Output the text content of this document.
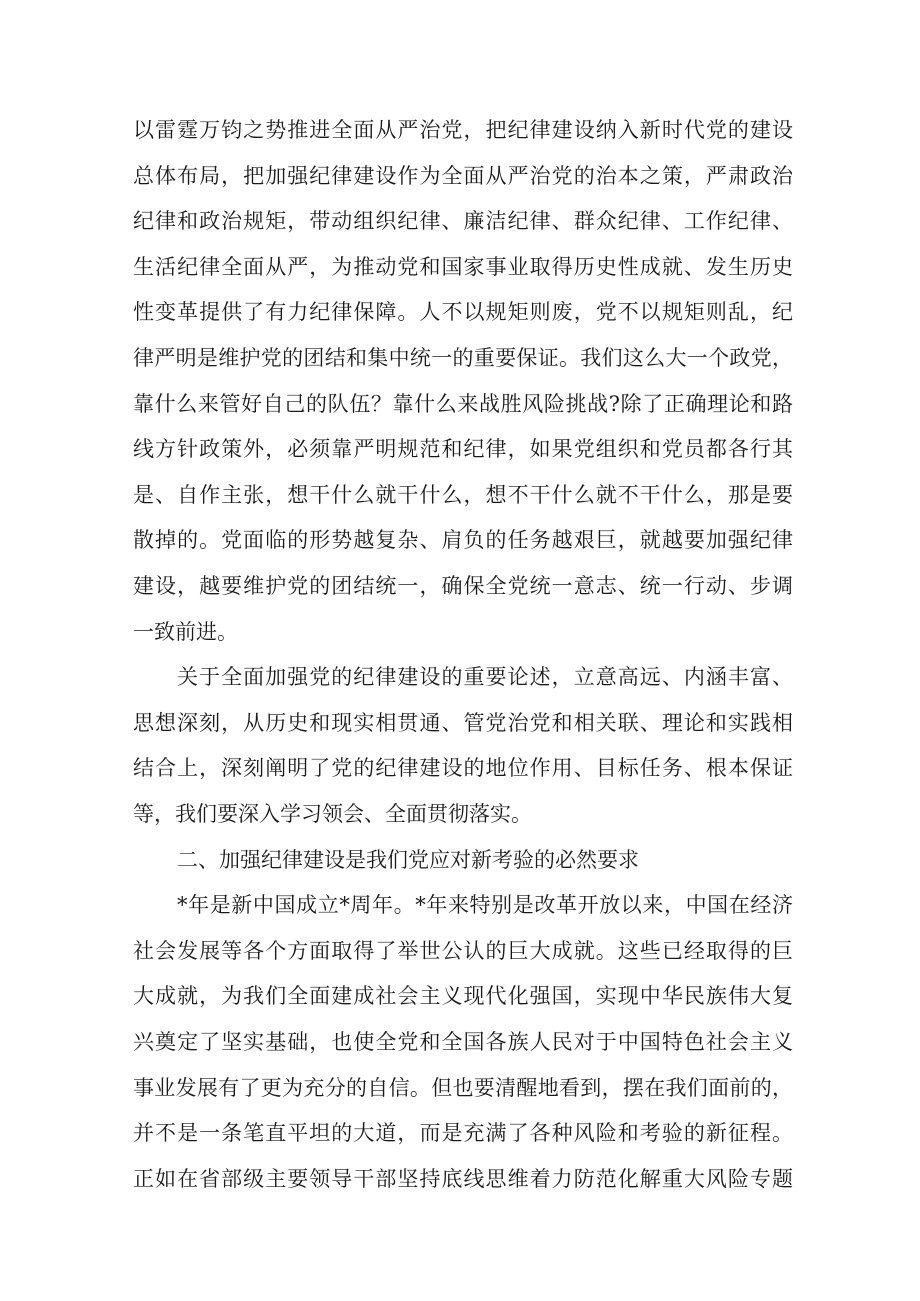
以雷霆万钧之势推进全面从严治党，把纪律建设纳入新时代党的建设
总体布局，把加强纪律建设作为全面从严治党的治本之策，严肃政治
纪律和政治规矩，带动组织纪律、廉洁纪律、群众纪律、工作纪律、
生活纪律全面从严，为推动党和国家事业取得历史性成就、发生历史
性变革提供了有力纪律保障。人不以规矩则废，党不以规矩则乱，纪
律严明是维护党的团结和集中统一的重要保证。我们这么大一个政党，
靠什么来管好自己的队伍？靠什么来战胜风险挑战?除了正确理论和路
线方针政策外，必须靠严明规范和纪律，如果党组织和党员都各行其
是、自作主张，想干什么就干什么，想不干什么就不干什么，那是要
散掉的。党面临的形势越复杂、肩负的任务越艰巨，就越要加强纪律
建设，越要维护党的团结统一，确保全党统一意志、统一行动、步调
一致前进。
关于全面加强党的纪律建设的重要论述，立意高远、内涵丰富、
思想深刻，从历史和现实相贯通、管党治党和相关联、理论和实践相
结合上，深刻阐明了党的纪律建设的地位作用、目标任务、根本保证
等，我们要深入学习领会、全面贯彻落实。
二、加强纪律建设是我们党应对新考验的必然要求
*年是新中国成立*周年。*年来特别是改革开放以来，中国在经济
社会发展等各个方面取得了举世公认的巨大成就。这些已经取得的巨
大成就，为我们全面建成社会主义现代化强国，实现中华民族伟大复
兴奠定了坚实基础，也使全党和全国各族人民对于中国特色社会主义
事业发展有了更为充分的自信。但也要清醒地看到，摆在我们面前的，
并不是一条笔直平坦的大道，而是充满了各种风险和考验的新征程。
正如在省部级主要领导干部坚持底线思维着力防范化解重大风险专题
